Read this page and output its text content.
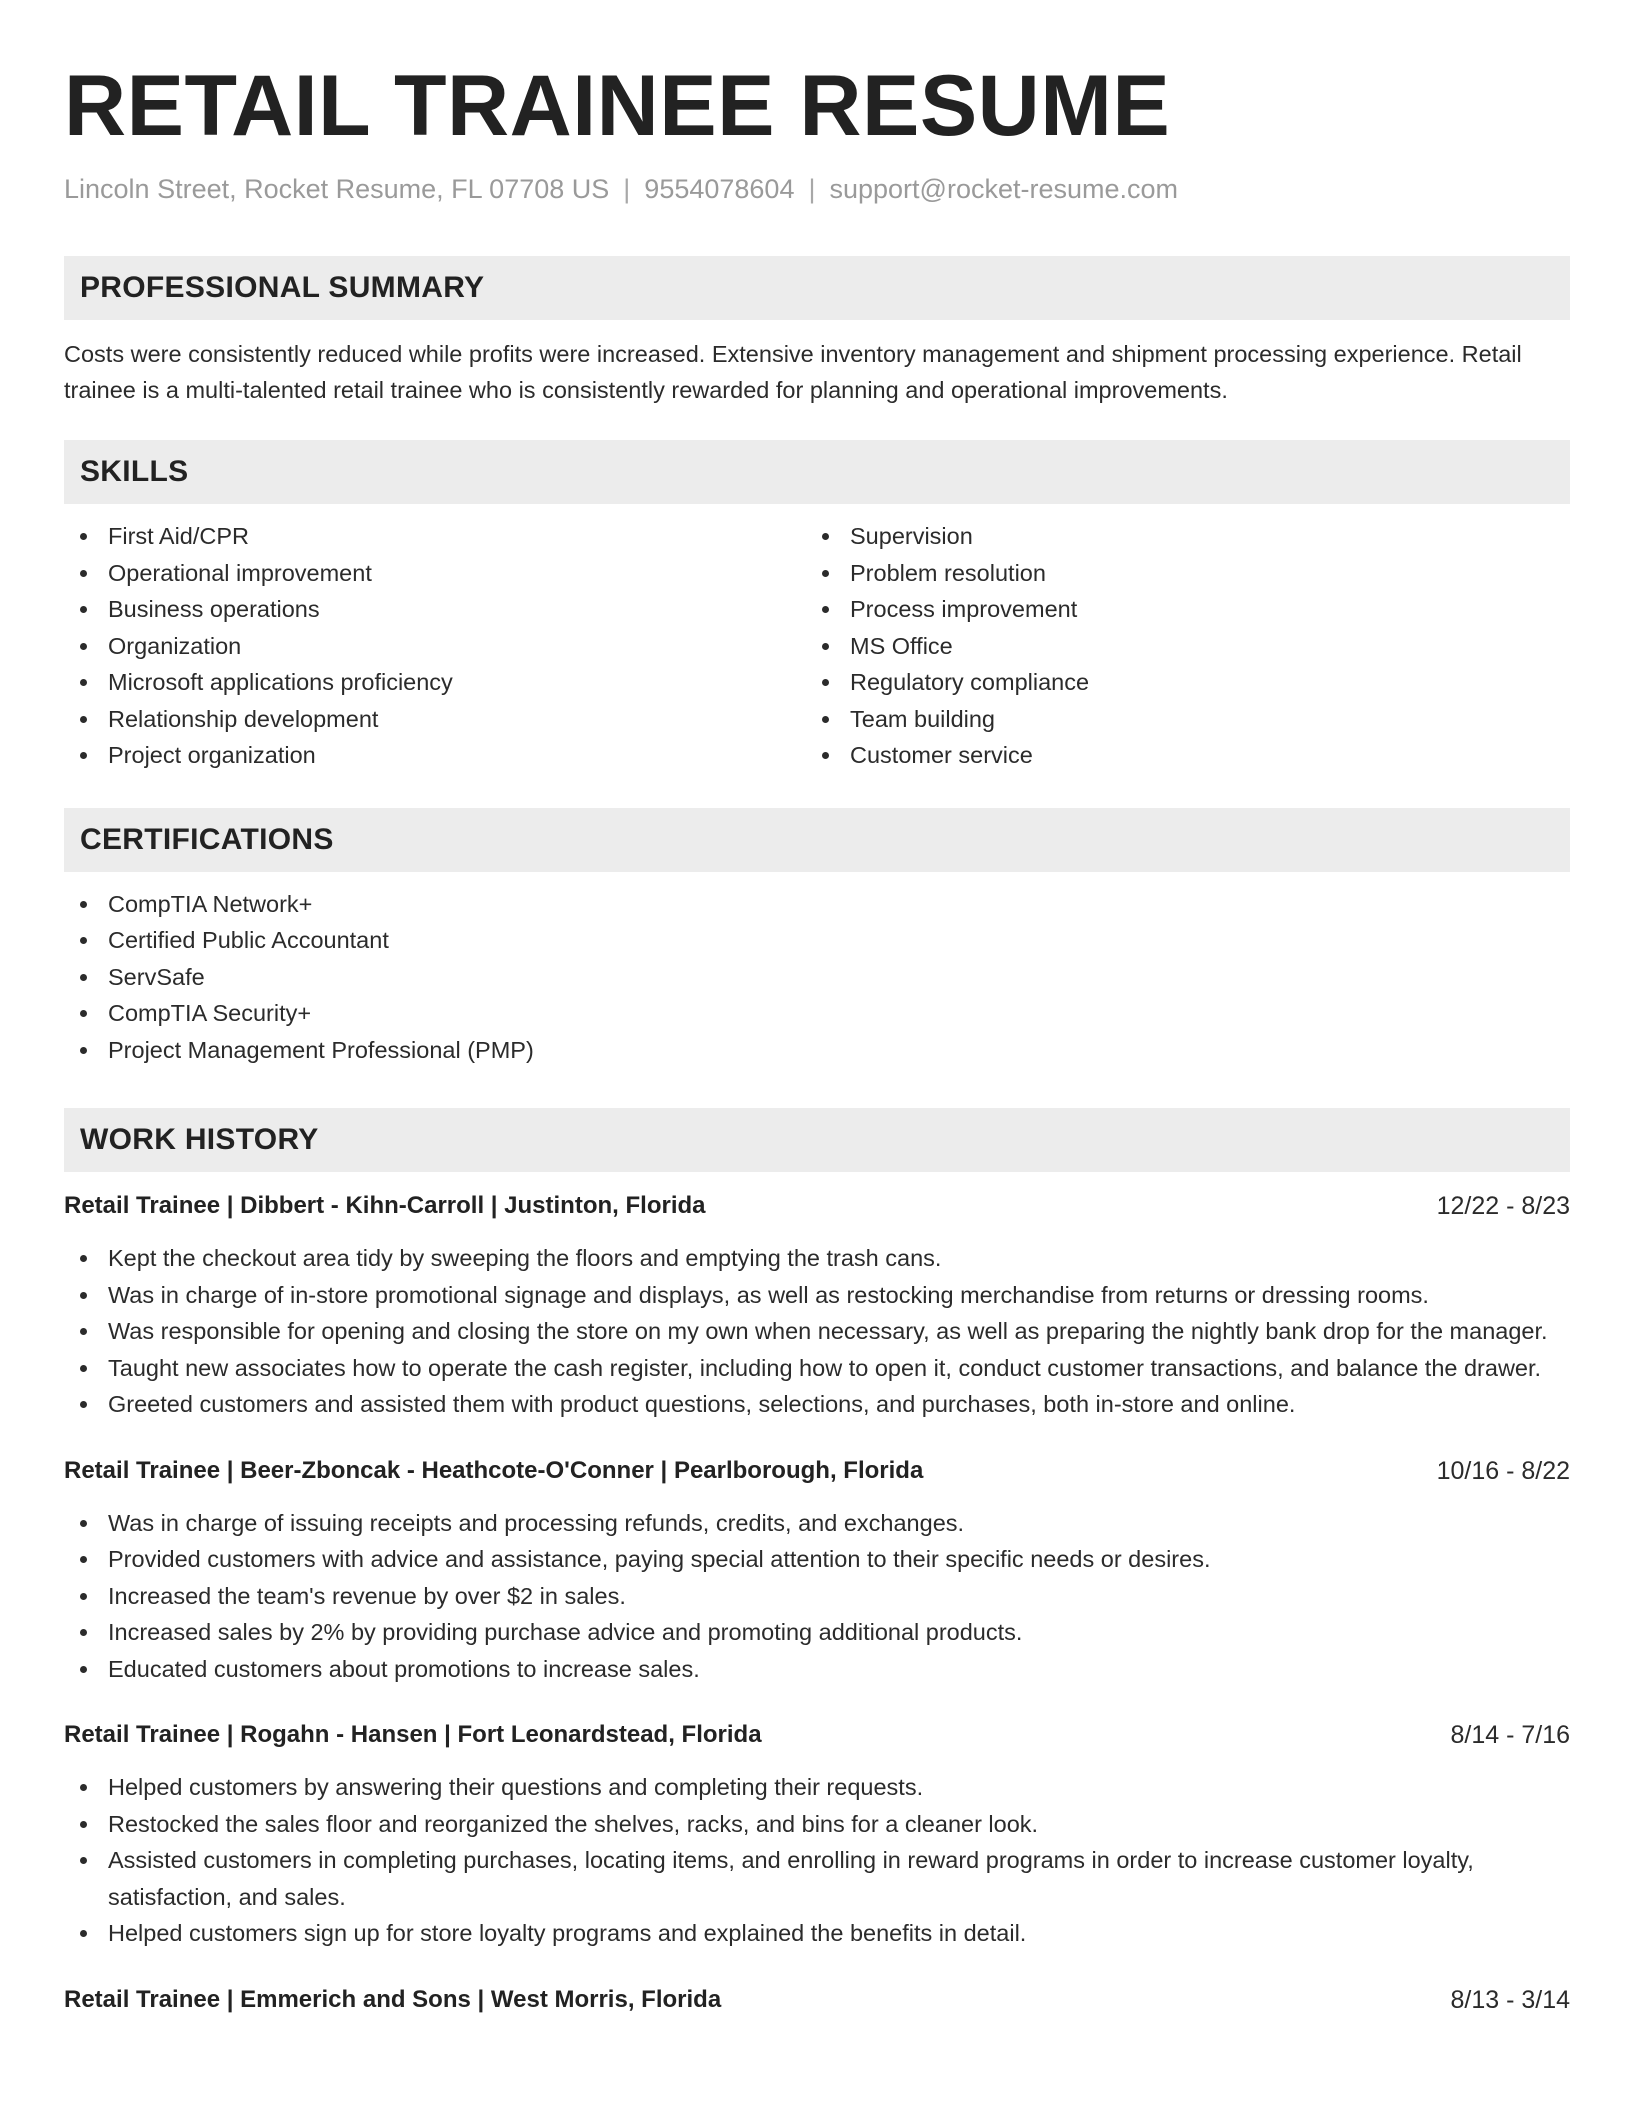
RETAIL TRAINEE RESUME
Lincoln Street, Rocket Resume, FL 07708 US | 9554078604 | support@rocket-resume.com
PROFESSIONAL SUMMARY
Costs were consistently reduced while profits were increased. Extensive inventory management and shipment processing experience. Retail trainee is a multi-talented retail trainee who is consistently rewarded for planning and operational improvements.
SKILLS
First Aid/CPR
Operational improvement
Business operations
Organization
Microsoft applications proficiency
Relationship development
Project organization
Supervision
Problem resolution
Process improvement
MS Office
Regulatory compliance
Team building
Customer service
CERTIFICATIONS
CompTIA Network+
Certified Public Accountant
ServSafe
CompTIA Security+
Project Management Professional (PMP)
WORK HISTORY
Retail Trainee | Dibbert - Kihn-Carroll | Justinton, Florida	12/22 - 8/23
Kept the checkout area tidy by sweeping the floors and emptying the trash cans.
Was in charge of in-store promotional signage and displays, as well as restocking merchandise from returns or dressing rooms.
Was responsible for opening and closing the store on my own when necessary, as well as preparing the nightly bank drop for the manager.
Taught new associates how to operate the cash register, including how to open it, conduct customer transactions, and balance the drawer.
Greeted customers and assisted them with product questions, selections, and purchases, both in-store and online.
Retail Trainee | Beer-Zboncak - Heathcote-O'Conner | Pearlborough, Florida	10/16 - 8/22
Was in charge of issuing receipts and processing refunds, credits, and exchanges.
Provided customers with advice and assistance, paying special attention to their specific needs or desires.
Increased the team's revenue by over $2 in sales.
Increased sales by 2% by providing purchase advice and promoting additional products.
Educated customers about promotions to increase sales.
Retail Trainee | Rogahn - Hansen | Fort Leonardstead, Florida	8/14 - 7/16
Helped customers by answering their questions and completing their requests.
Restocked the sales floor and reorganized the shelves, racks, and bins for a cleaner look.
Assisted customers in completing purchases, locating items, and enrolling in reward programs in order to increase customer loyalty, satisfaction, and sales.
Helped customers sign up for store loyalty programs and explained the benefits in detail.
Retail Trainee | Emmerich and Sons | West Morris, Florida	8/13 - 3/14
